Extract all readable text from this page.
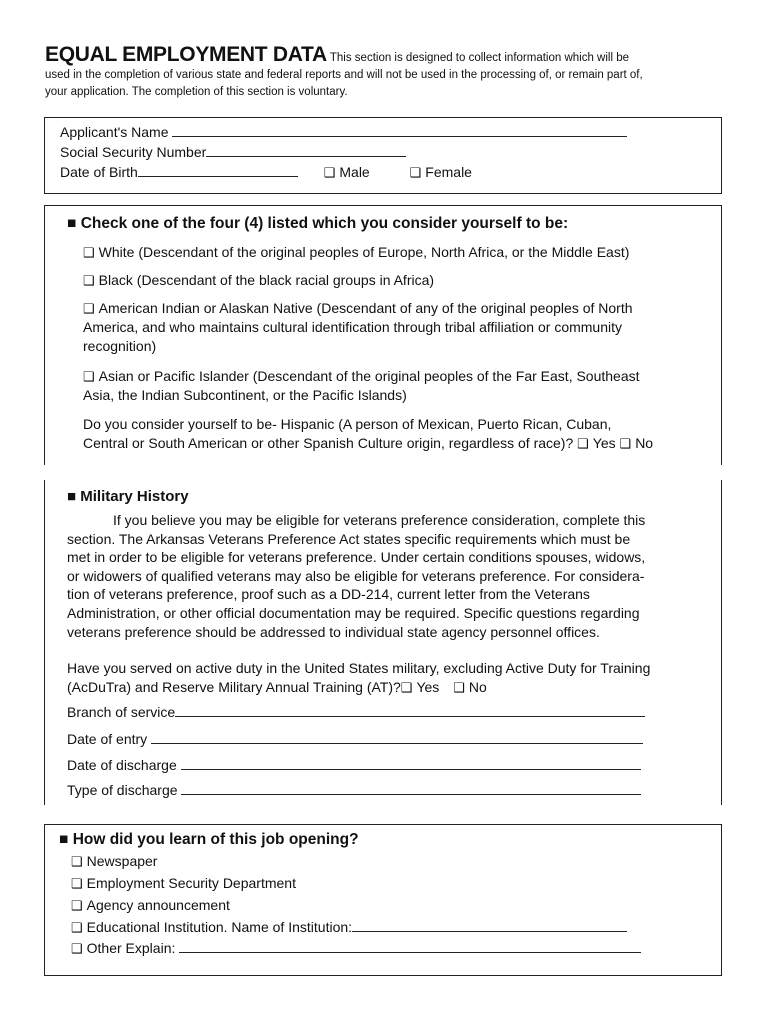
EQUAL EMPLOYMENT DATA This section is designed to collect information which will be
used in the completion of various state and federal reports and will not be used in the processing of, or remain part of,
your application. The completion of this section is voluntary.
Applicant's Name
Social Security Number
Date of Birth	❑ Male	❑ Female
■ Check one of the four (4) listed which you consider yourself to be:
❑ White (Descendant of the original peoples of Europe, North Africa, or the Middle East)
❑ Black (Descendant of the black racial groups in Africa)
❑ American Indian or Alaskan Native (Descendant of any of the original peoples of North
America, and who maintains cultural identification through tribal affiliation or community
recognition)
❑ Asian or Pacific Islander (Descendant of the original peoples of the Far East, Southeast
Asia, the Indian Subcontinent, or the Pacific Islands)
Do you consider yourself to be- Hispanic (A person of Mexican, Puerto Rican, Cuban,
Central or South American or other Spanish Culture origin, regardless of race)? ❑ Yes ❑ No
■ Military History
If you believe you may be eligible for veterans preference consideration, complete this
section. The Arkansas Veterans Preference Act states specific requirements which must be
met in order to be eligible for veterans preference. Under certain conditions spouses, widows,
or widowers of qualified veterans may also be eligible for veterans preference. For considera-
tion of veterans preference, proof such as a DD-214, current letter from the Veterans
Administration, or other official documentation may be required. Specific questions regarding
veterans preference should be addressed to individual state agency personnel offices.
Have you served on active duty in the United States military, excluding Active Duty for Training
(AcDuTra) and Reserve Military Annual Training (AT)?❑ Yes ❑ No
Branch of service
Date of entry
Date of discharge
Type of discharge
■ How did you learn of this job opening?
❑ Newspaper
❑ Employment Security Department
❑ Agency announcement
❑ Educational Institution. Name of Institution:
❑ Other Explain:
